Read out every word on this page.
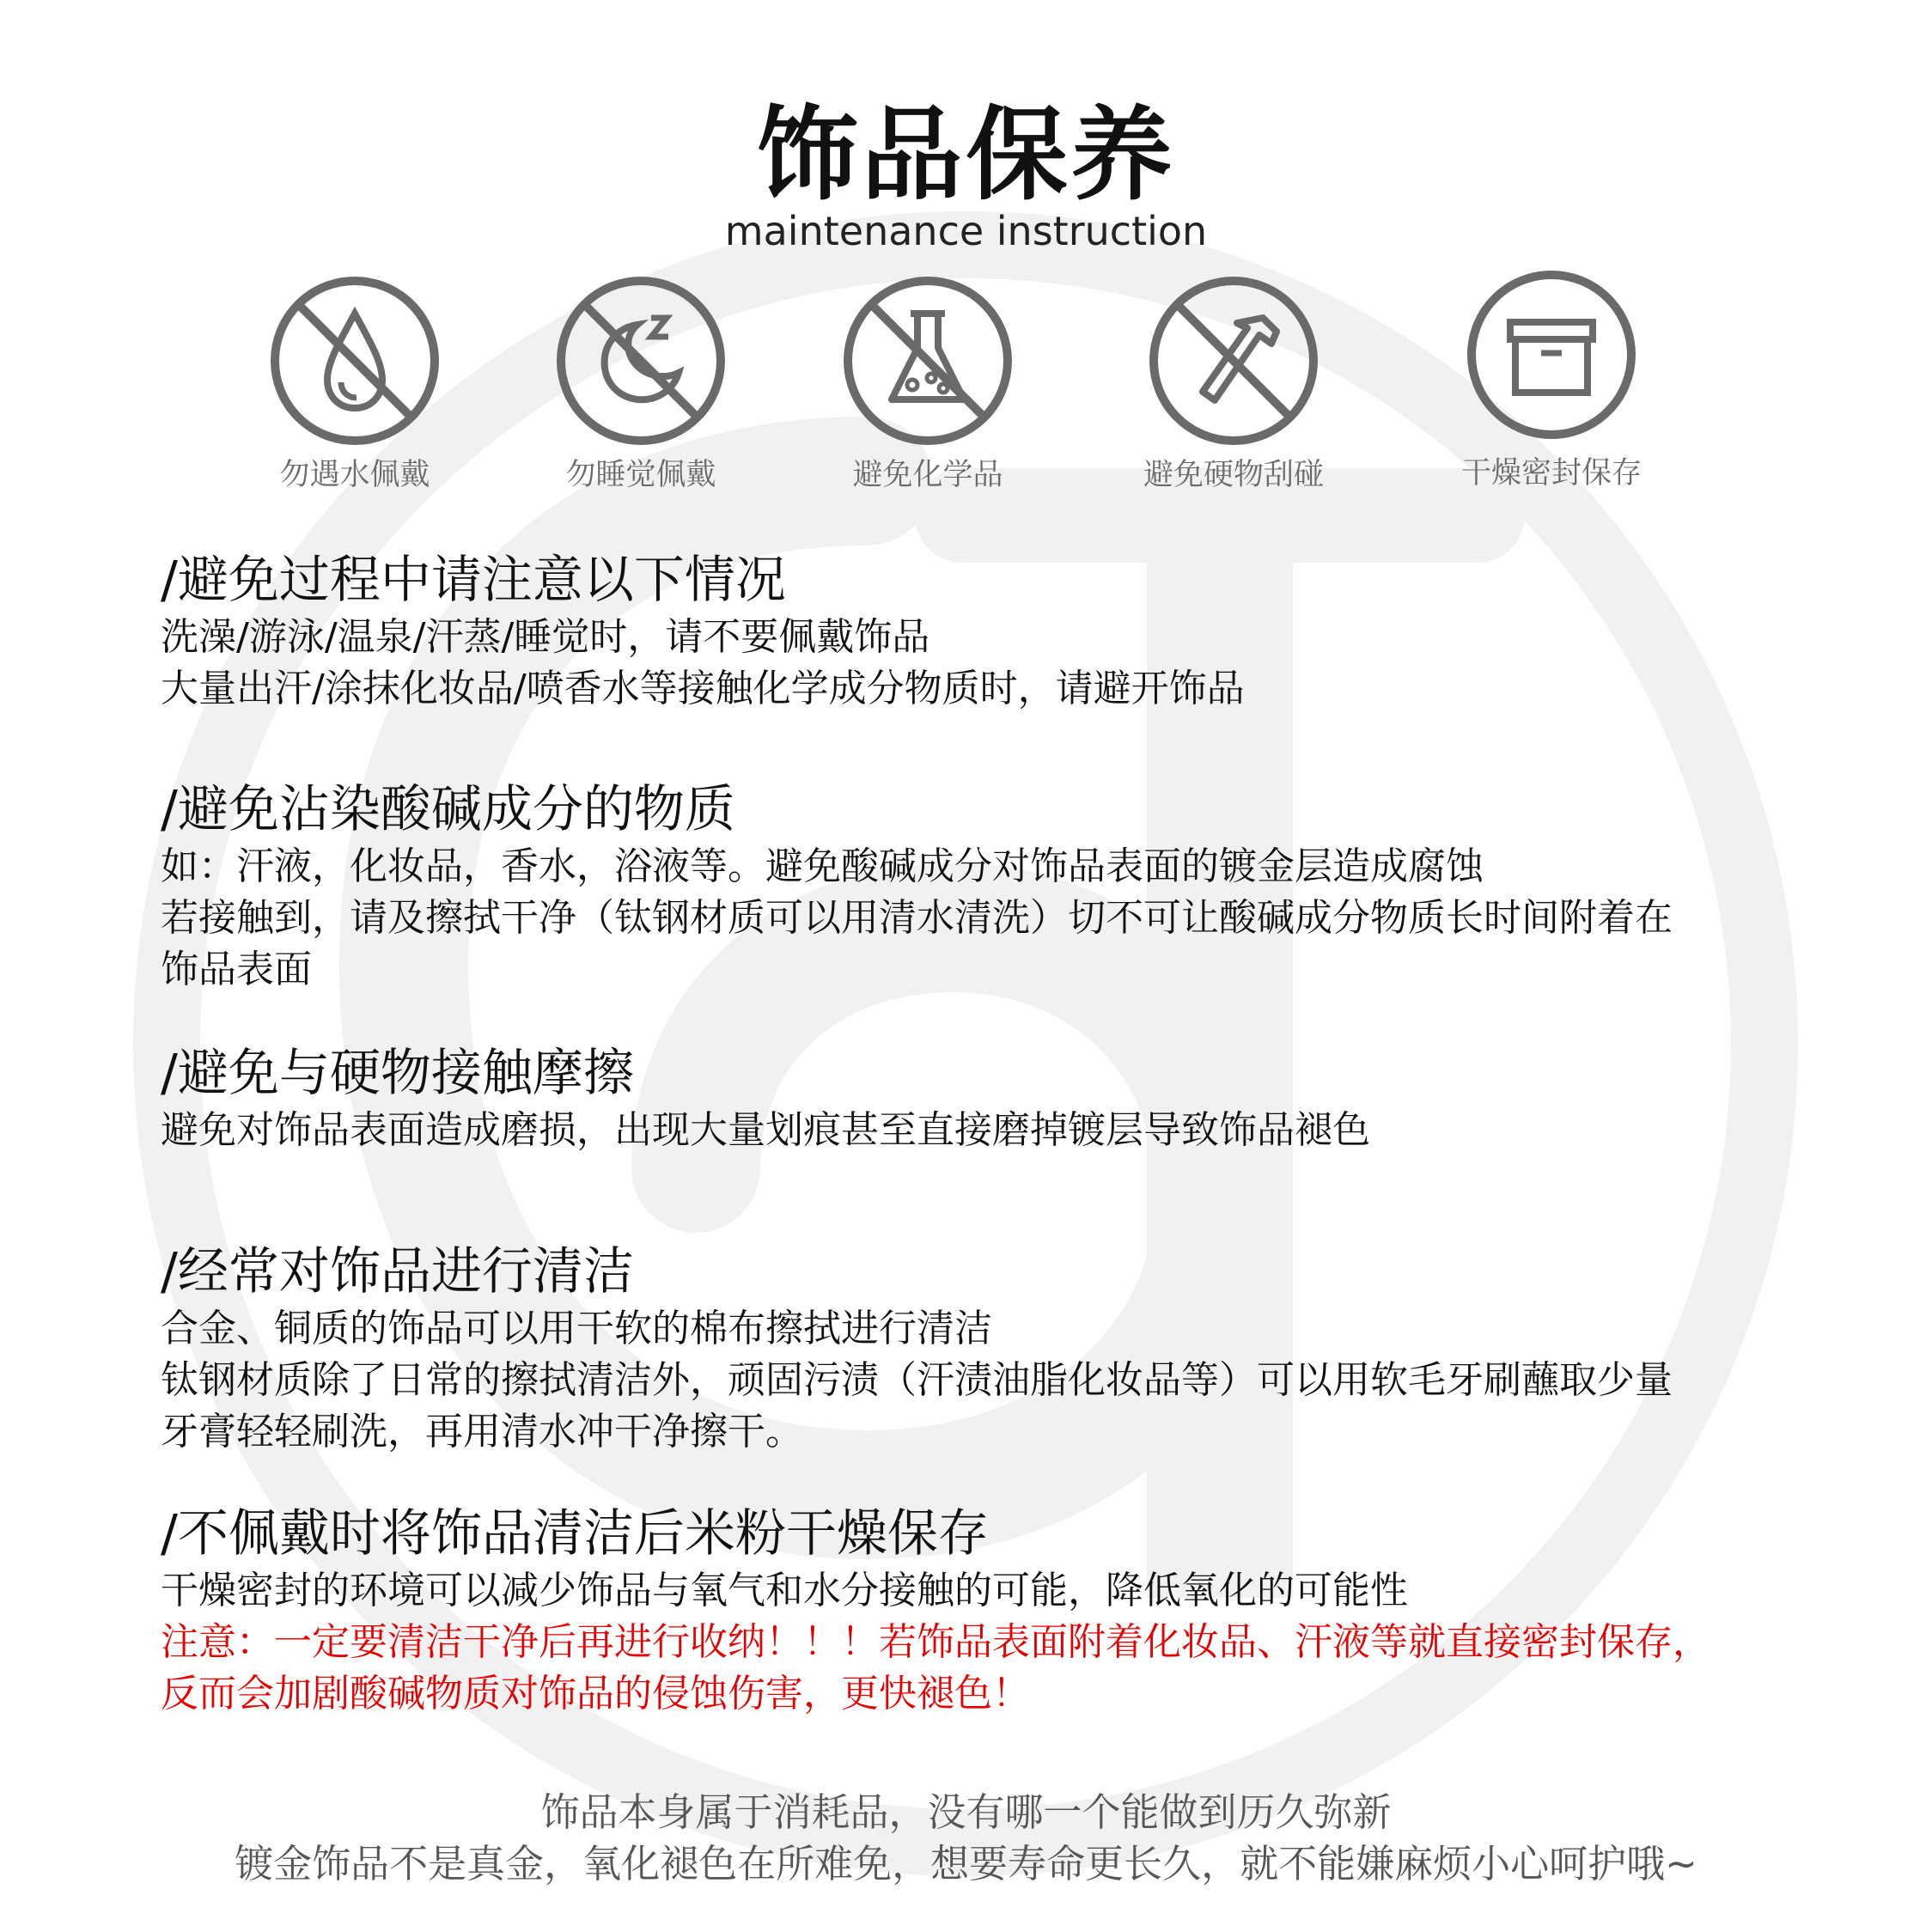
饰品保养
maintenance instruction
勿遇水佩戴	勿睡觉佩戴	避免化学品	避免硬物刮碰	干燥密封保存
/避免过程中请注意以下情况

洗澡/游泳/温泉/汗蒸/睡觉时，请不要佩戴饰品

大量出汗/涂抹化妆品/喷香水等接触化学成分物质时，请避开饰品

/避免沾染酸碱成分的物质

如：汗液，化妆品，香水，浴液等。避免酸碱成分对饰品表面的镀金层造成腐蚀

若接触到，请及擦拭干净（钛钢材质可以用清水清洗）切不可让酸碱成分物质长时间附着在

饰品表面

/避免与硬物接触摩擦

避免对饰品表面造成磨损，出现大量划痕甚至直接磨掉镀层导致饰品褪色

/经常对饰品进行清洁

合金、铜质的饰品可以用干软的棉布擦拭进行清洁

钛钢材质除了日常的擦拭清洁外，顽固污渍（汗渍油脂化妆品等）可以用软毛牙刷蘸取少量

牙膏轻轻刷洗，再用清水冲干净擦干。

/不佩戴时将饰品清洁后米粉干燥保存

干燥密封的环境可以减少饰品与氧气和水分接触的可能，降低氧化的可能性

注意：一定要清洁干净后再进行收纳！！！若饰品表面附着化妆品、汗液等就直接密封保存，

反而会加剧酸碱物质对饰品的侵蚀伤害，更快褪色！

饰品本身属于消耗品，没有哪一个能做到历久弥新
镀金饰品不是真金，氧化褪色在所难免，想要寿命更长久，就不能嫌麻烦小心呵护哦~
